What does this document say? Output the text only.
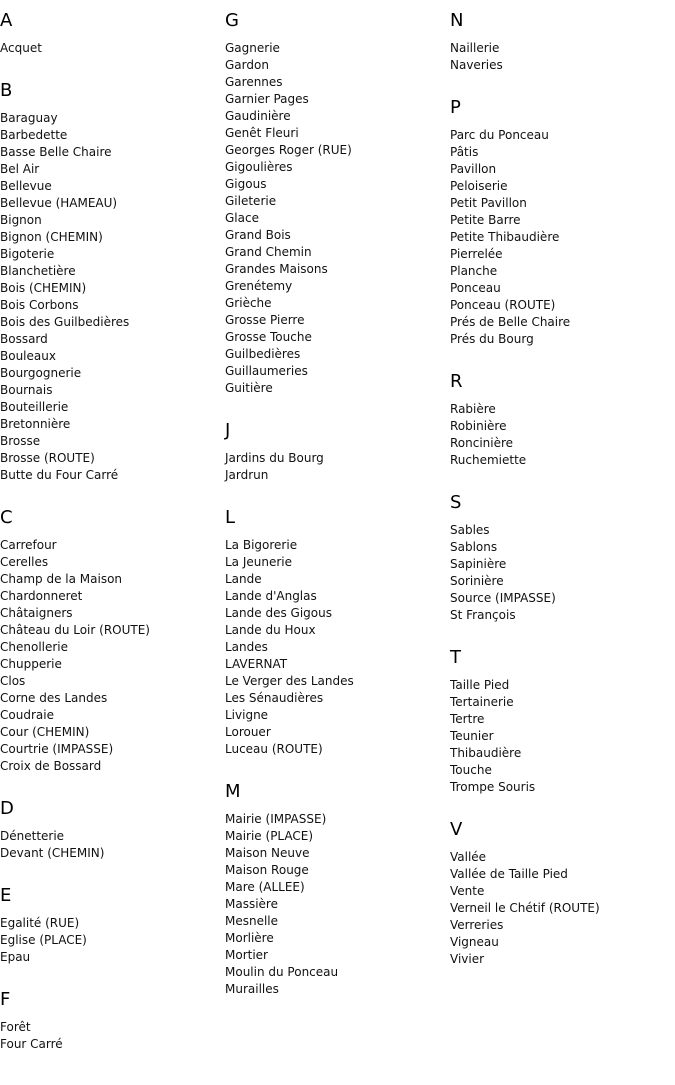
A
Acquet
B
Baraguay
Barbedette
Basse Belle Chaire
Bel Air
Bellevue
Bellevue (HAMEAU)
Bignon
Bignon (CHEMIN)
Bigoterie
Blanchetière
Bois (CHEMIN)
Bois Corbons
Bois des Guilbedières
Bossard
Bouleaux
Bourgognerie
Bournais
Bouteillerie
Bretonnière
Brosse
Brosse (ROUTE)
Butte du Four Carré
C
Carrefour
Cerelles
Champ de la Maison
Chardonneret
Châtaigners
Château du Loir (ROUTE)
Chenollerie
Chupperie
Clos
Corne des Landes
Coudraie
Cour (CHEMIN)
Courtrie (IMPASSE)
Croix de Bossard
D
Dénetterie
Devant (CHEMIN)
E
Egalité (RUE)
Eglise (PLACE)
Epau
F
Forêt
Four Carré
G
Gagnerie
Gardon
Garennes
Garnier Pages
Gaudinière
Genêt Fleuri
Georges Roger (RUE)
Gigoulières
Gigous
Gileterie
Glace
Grand Bois
Grand Chemin
Grandes Maisons
Grenétemy
Grièche
Grosse Pierre
Grosse Touche
Guilbedières
Guillaumeries
Guitière
J
Jardins du Bourg
Jardrun
L
La Bigorerie
La Jeunerie
Lande
Lande d'Anglas
Lande des Gigous
Lande du Houx
Landes
LAVERNAT
Le Verger des Landes
Les Sénaudières
Livigne
Lorouer
Luceau (ROUTE)
M
Mairie (IMPASSE)
Mairie (PLACE)
Maison Neuve
Maison Rouge
Mare (ALLEE)
Massière
Mesnelle
Morlière
Mortier
Moulin du Ponceau
Murailles
N
Naillerie
Naveries
P
Parc du Ponceau
Pâtis
Pavillon
Peloiserie
Petit Pavillon
Petite Barre
Petite Thibaudière
Pierrelée
Planche
Ponceau
Ponceau (ROUTE)
Prés de Belle Chaire
Prés du Bourg
R
Rabière
Robinière
Roncinière
Ruchemiette
S
Sables
Sablons
Sapinière
Sorinière
Source (IMPASSE)
St François
T
Taille Pied
Tertainerie
Tertre
Teunier
Thibaudière
Touche
Trompe Souris
V
Vallée
Vallée de Taille Pied
Vente
Verneil le Chétif (ROUTE)
Verreries
Vigneau
Vivier
